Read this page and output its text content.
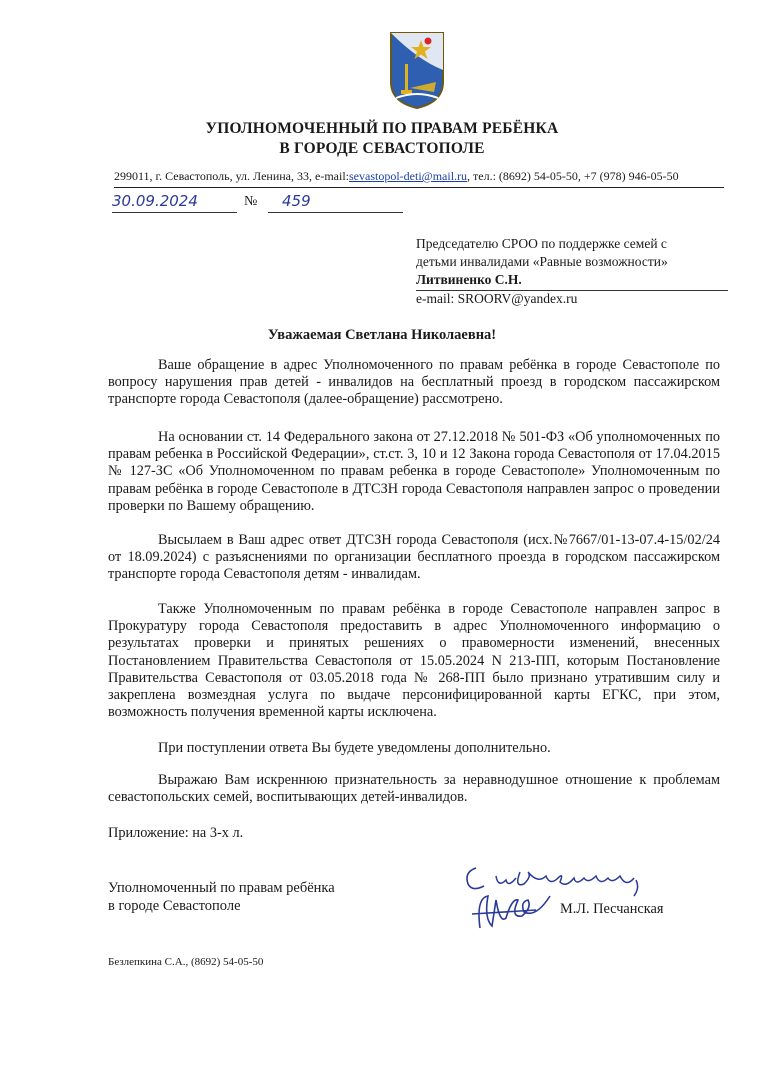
УПОЛНОМОЧЕННЫЙ ПО ПРАВАМ РЕБЁНКА
В ГОРОДЕ СЕВАСТОПОЛЕ
299011, г. Севастополь, ул. Ленина, 33, e-mail:sevastopol-deti@mail.ru, тел.: (8692) 54-05-50, +7 (978) 946-05-50
30.09.2024	№	459
Председателю СРОО по поддержке семей с
детьми инвалидами «Равные возможности»
Литвиненко С.Н.
e-mail: SROORV@yandex.ru
Уважаемая Светлана Николаевна!

Ваше обращение в адрес Уполномоченного по правам ребёнка в городе Севастополе по вопросу нарушения прав детей - инвалидов на бесплатный проезд в городском пассажирском транспорте города Севастополя (далее-обращение) рассмотрено.

На основании ст. 14 Федерального закона от 27.12.2018 № 501-ФЗ «Об уполномоченных по правам ребенка в Российской Федерации», ст.ст. 3, 10 и 12 Закона города Севастополя от 17.04.2015 № 127-ЗС «Об Уполномоченном по правам ребенка в городе Севастополе» Уполномоченным по правам ребёнка в городе Севастополе в ДТСЗН города Севастополя направлен запрос о проведении проверки по Вашему обращению.

Высылаем в Ваш адрес ответ ДТСЗН города Севастополя (исх.№7667/01-13-07.4-15/02/24 от 18.09.2024) с разъяснениями по организации бесплатного проезда в городском пассажирском транспорте города Севастополя детям - инвалидам.

Также Уполномоченным по правам ребёнка в городе Севастополе направлен запрос в Прокуратуру города Севастополя предоставить в адрес Уполномоченного информацию о результатах проверки и принятых решениях о правомерности изменений, внесенных Постановлением Правительства Севастополя от 15.05.2024 N 213-ПП, которым Постановление Правительства Севастополя от 03.05.2018 года № 268-ПП было признано утратившим силу и закреплена возмездная услуга по выдаче персонифицированной карты ЕГКС, при этом, возможность получения временной карты исключена.

При поступлении ответа Вы будете уведомлены дополнительно.

Выражаю Вам искреннюю признательность за неравнодушное отношение к проблемам севастопольских семей, воспитывающих детей-инвалидов.

Приложение: на 3-х л.
Уполномоченный по правам ребёнка
в городе Севастополе	М.Л. Песчанская
Безлепкина С.А., (8692) 54-05-50
